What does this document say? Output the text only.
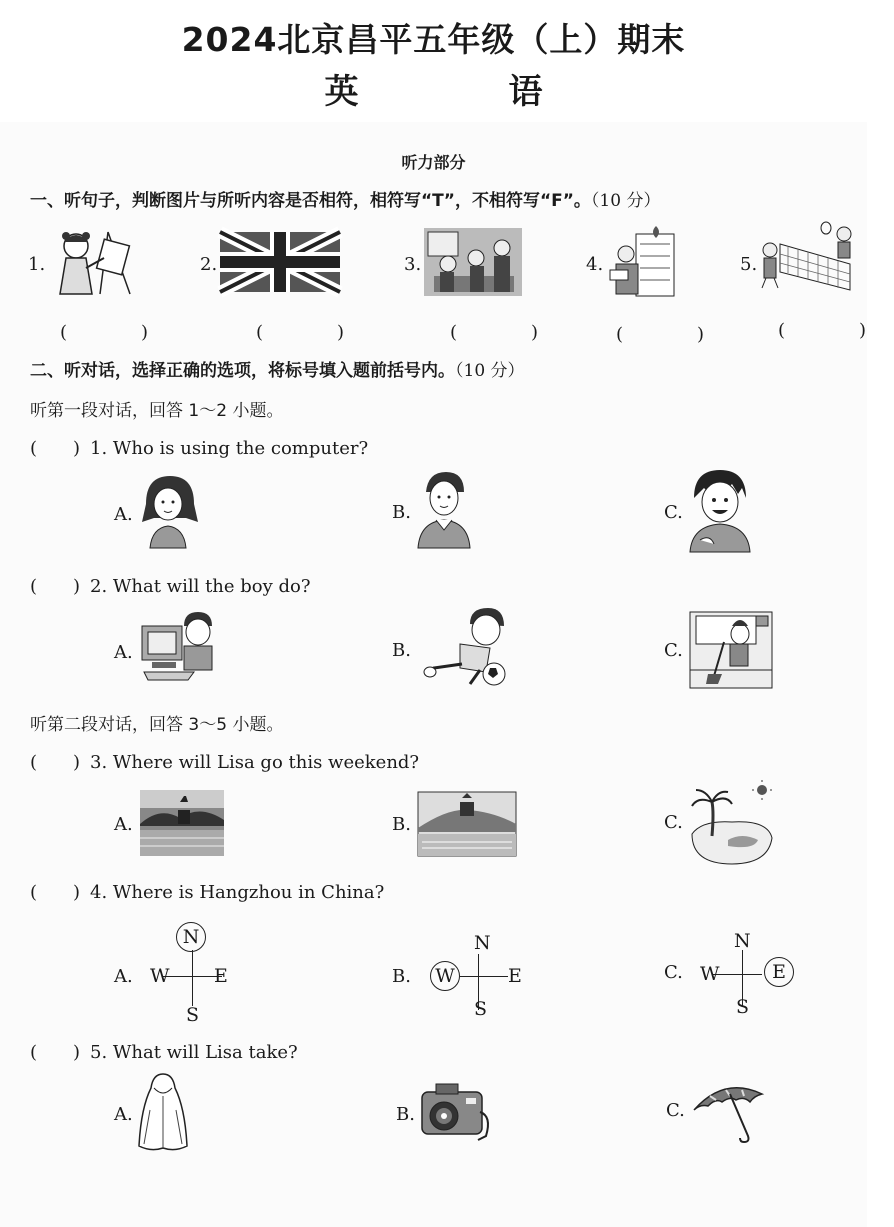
2024北京昌平五年级（上）期末
英　语
听力部分
一、听句子，判断图片与所听内容是否相符，相符写“T”，不相符写“F”。（10 分）
1.
(　)
2.
(　)
3.
(　)
4.
(　)
5.
(　)
二、听对话，选择正确的选项，将标号填入题前括号内。（10 分）
听第一段对话，回答 1～2 小题。
(　　) 1. Who is using the computer?
A.	B.	C.
(　　) 2. What will the boy do?
A.	B.	C.
听第二段对话，回答 3～5 小题。
(　　) 3. Where will Lisa go this weekend?
A.	B.	C.
(　　) 4. Where is Hangzhou in China?
A.
N
W E
S
B.
N
W	E
S
C.
N
W	E
S
(　　) 5. What will Lisa take?
A.	B.	C.
